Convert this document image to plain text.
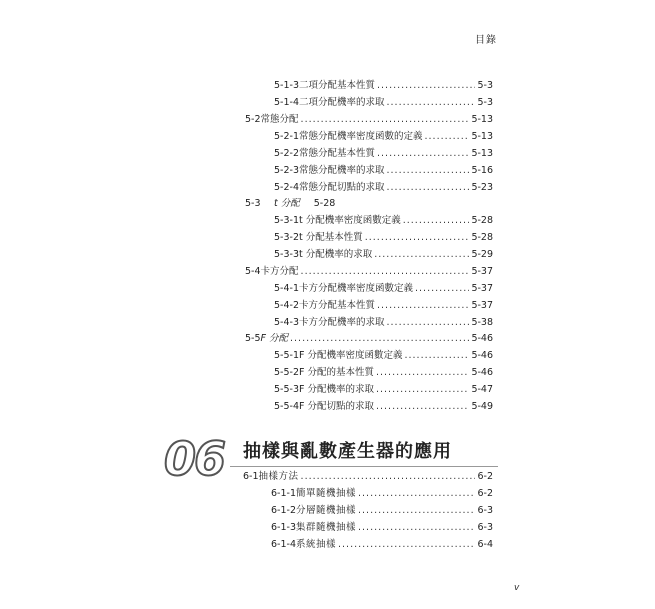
目錄
5-1-3 二項分配基本性質 .....	5-3
5-1-4 二項分配機率的求取 .....	5-3
5-2 常態分配 .....	5-13
5-2-1 常態分配機率密度函數的定義 .....	5-13
5-2-2 常態分配基本性質 .....	5-13
5-2-3 常態分配機率的求取 .....	5-16
5-2-4 常態分配切點的求取 .....	5-23
5-3	t 分配 5-28
5-3-1 t 分配機率密度函數定義 .....	5-28
5-3-2 t 分配基本性質 .....	5-28
5-3-3 t 分配機率的求取 .....	5-29
5-4 卡方分配 .....	5-37
5-4-1 卡方分配機率密度函數定義 .....	5-37
5-4-2 卡方分配基本性質 .....	5-37
5-4-3 卡方分配機率的求取 .....	5-38
5-5 F 分配 .....	5-46
5-5-1 F 分配機率密度函數定義 .....	5-46
5-5-2 F 分配的基本性質 .....	5-46
5-5-3 F 分配機率的求取 .....	5-47
5-5-4 F 分配切點的求取 .....	5-49
06 抽樣與亂數產生器的應用
6-1 抽樣方法 .....	6-2
6-1-1 簡單隨機抽樣 .....	6-2
6-1-2 分層隨機抽樣 .....	6-3
6-1-3 集群隨機抽樣 .....	6-3
6-1-4 系統抽樣 .....	6-4
v
